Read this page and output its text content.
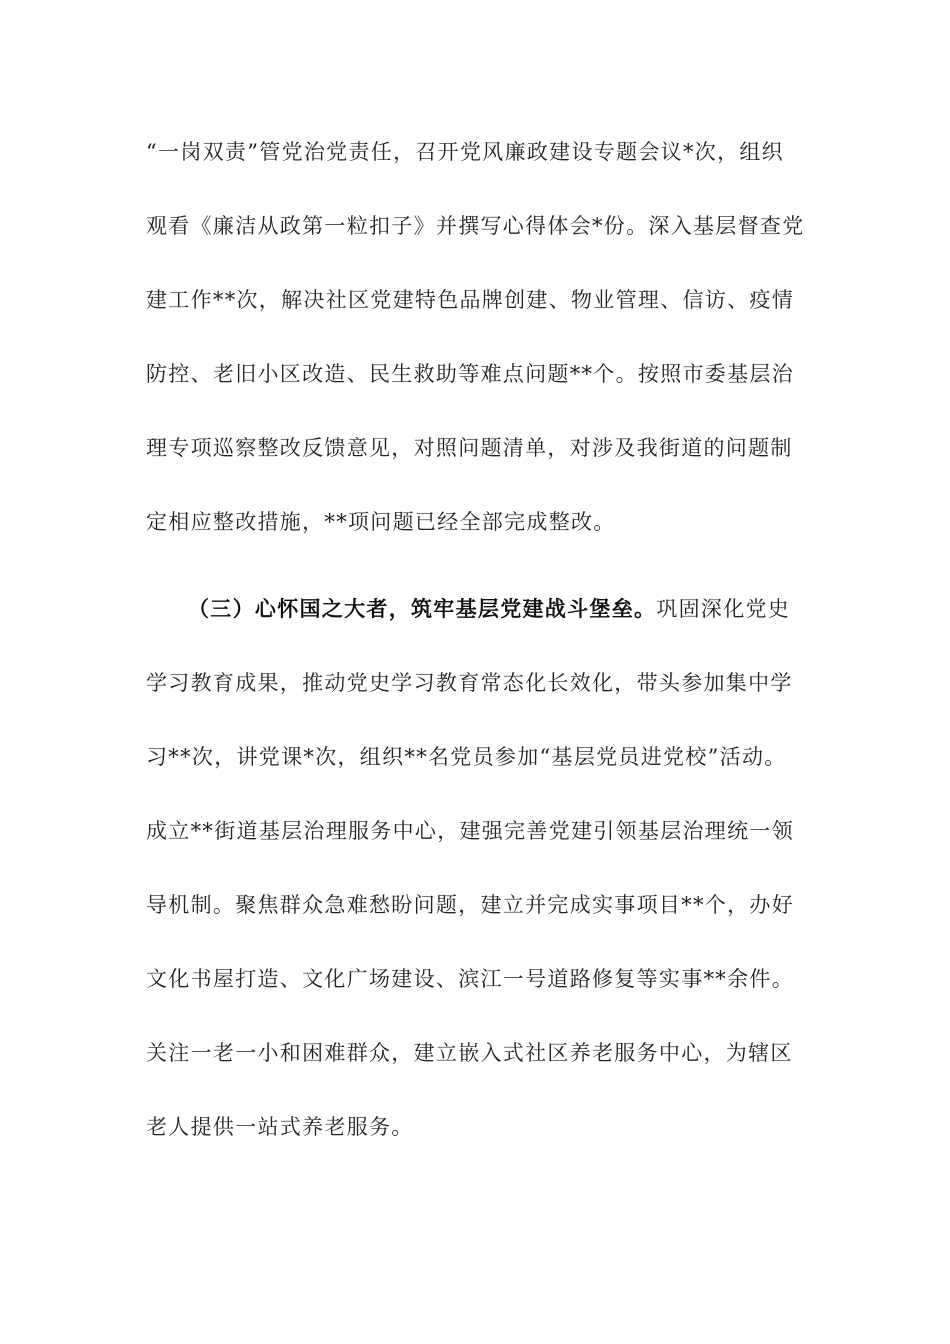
“一岗双责”管党治党责任，召开党风廉政建设专题会议*次，组织
观看《廉洁从政第一粒扣子》并撰写心得体会*份。深入基层督查党
建工作**次，解决社区党建特色品牌创建、物业管理、信访、疫情
防控、老旧小区改造、民生救助等难点问题**个。按照市委基层治
理专项巡察整改反馈意见，对照问题清单，对涉及我街道的问题制
定相应整改措施，**项问题已经全部完成整改。
（三）心怀国之大者，筑牢基层党建战斗堡垒。巩固深化党史
学习教育成果，推动党史学习教育常态化长效化，带头参加集中学
习**次，讲党课*次，组织**名党员参加“基层党员进党校”活动。
成立**街道基层治理服务中心，建强完善党建引领基层治理统一领
导机制。聚焦群众急难愁盼问题，建立并完成实事项目**个，办好
文化书屋打造、文化广场建设、滨江一号道路修复等实事**余件。
关注一老一小和困难群众，建立嵌入式社区养老服务中心，为辖区
老人提供一站式养老服务。
